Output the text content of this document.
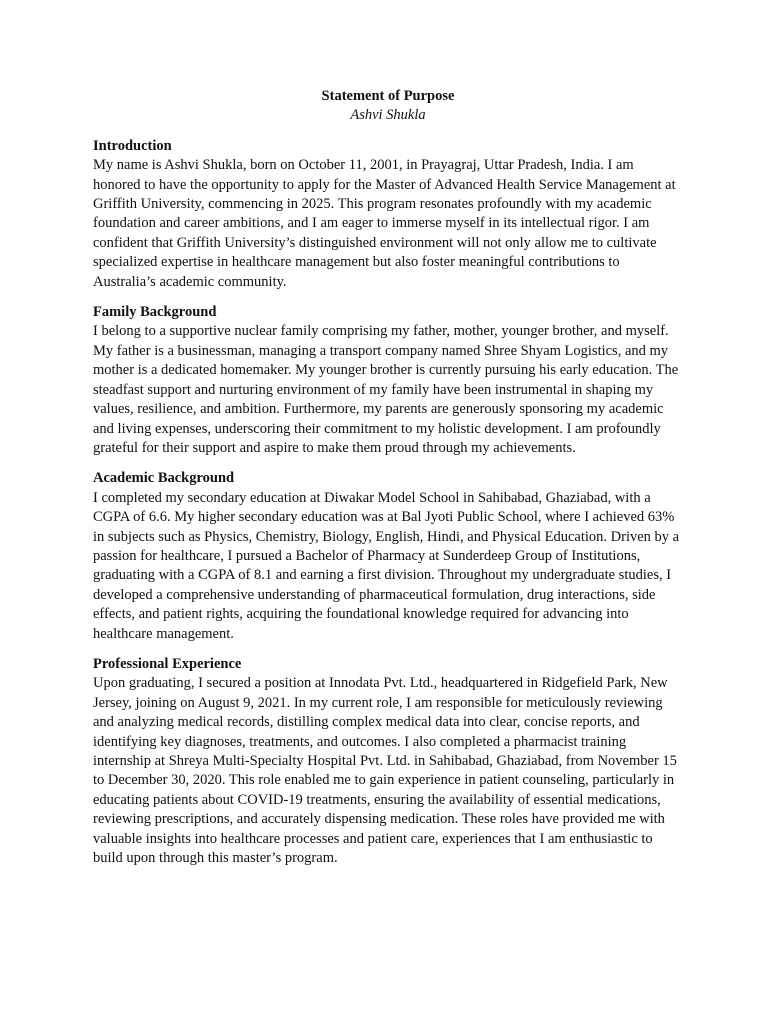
Statement of Purpose

Ashvi Shukla

Introduction

My name is Ashvi Shukla, born on October 11, 2001, in Prayagraj, Uttar Pradesh, India. I am honored to have the opportunity to apply for the Master of Advanced Health Service Management at Griffith University, commencing in 2025. This program resonates profoundly with my academic foundation and career ambitions, and I am eager to immerse myself in its intellectual rigor. I am confident that Griffith University’s distinguished environment will not only allow me to cultivate specialized expertise in healthcare management but also foster meaningful contributions to Australia’s academic community.

Family Background

I belong to a supportive nuclear family comprising my father, mother, younger brother, and myself. My father is a businessman, managing a transport company named Shree Shyam Logistics, and my mother is a dedicated homemaker. My younger brother is currently pursuing his early education. The steadfast support and nurturing environment of my family have been instrumental in shaping my values, resilience, and ambition. Furthermore, my parents are generously sponsoring my academic and living expenses, underscoring their commitment to my holistic development. I am profoundly grateful for their support and aspire to make them proud through my achievements.

Academic Background

I completed my secondary education at Diwakar Model School in Sahibabad, Ghaziabad, with a CGPA of 6.6. My higher secondary education was at Bal Jyoti Public School, where I achieved 63% in subjects such as Physics, Chemistry, Biology, English, Hindi, and Physical Education. Driven by a passion for healthcare, I pursued a Bachelor of Pharmacy at Sunderdeep Group of Institutions, graduating with a CGPA of 8.1 and earning a first division. Throughout my undergraduate studies, I developed a comprehensive understanding of pharmaceutical formulation, drug interactions, side effects, and patient rights, acquiring the foundational knowledge required for advancing into healthcare management.

Professional Experience

Upon graduating, I secured a position at Innodata Pvt. Ltd., headquartered in Ridgefield Park, New Jersey, joining on August 9, 2021. In my current role, I am responsible for meticulously reviewing and analyzing medical records, distilling complex medical data into clear, concise reports, and identifying key diagnoses, treatments, and outcomes. I also completed a pharmacist training internship at Shreya Multi-Specialty Hospital Pvt. Ltd. in Sahibabad, Ghaziabad, from November 15 to December 30, 2020. This role enabled me to gain experience in patient counseling, particularly in educating patients about COVID-19 treatments, ensuring the availability of essential medications, reviewing prescriptions, and accurately dispensing medication. These roles have provided me with valuable insights into healthcare processes and patient care, experiences that I am enthusiastic to build upon through this master’s program.
